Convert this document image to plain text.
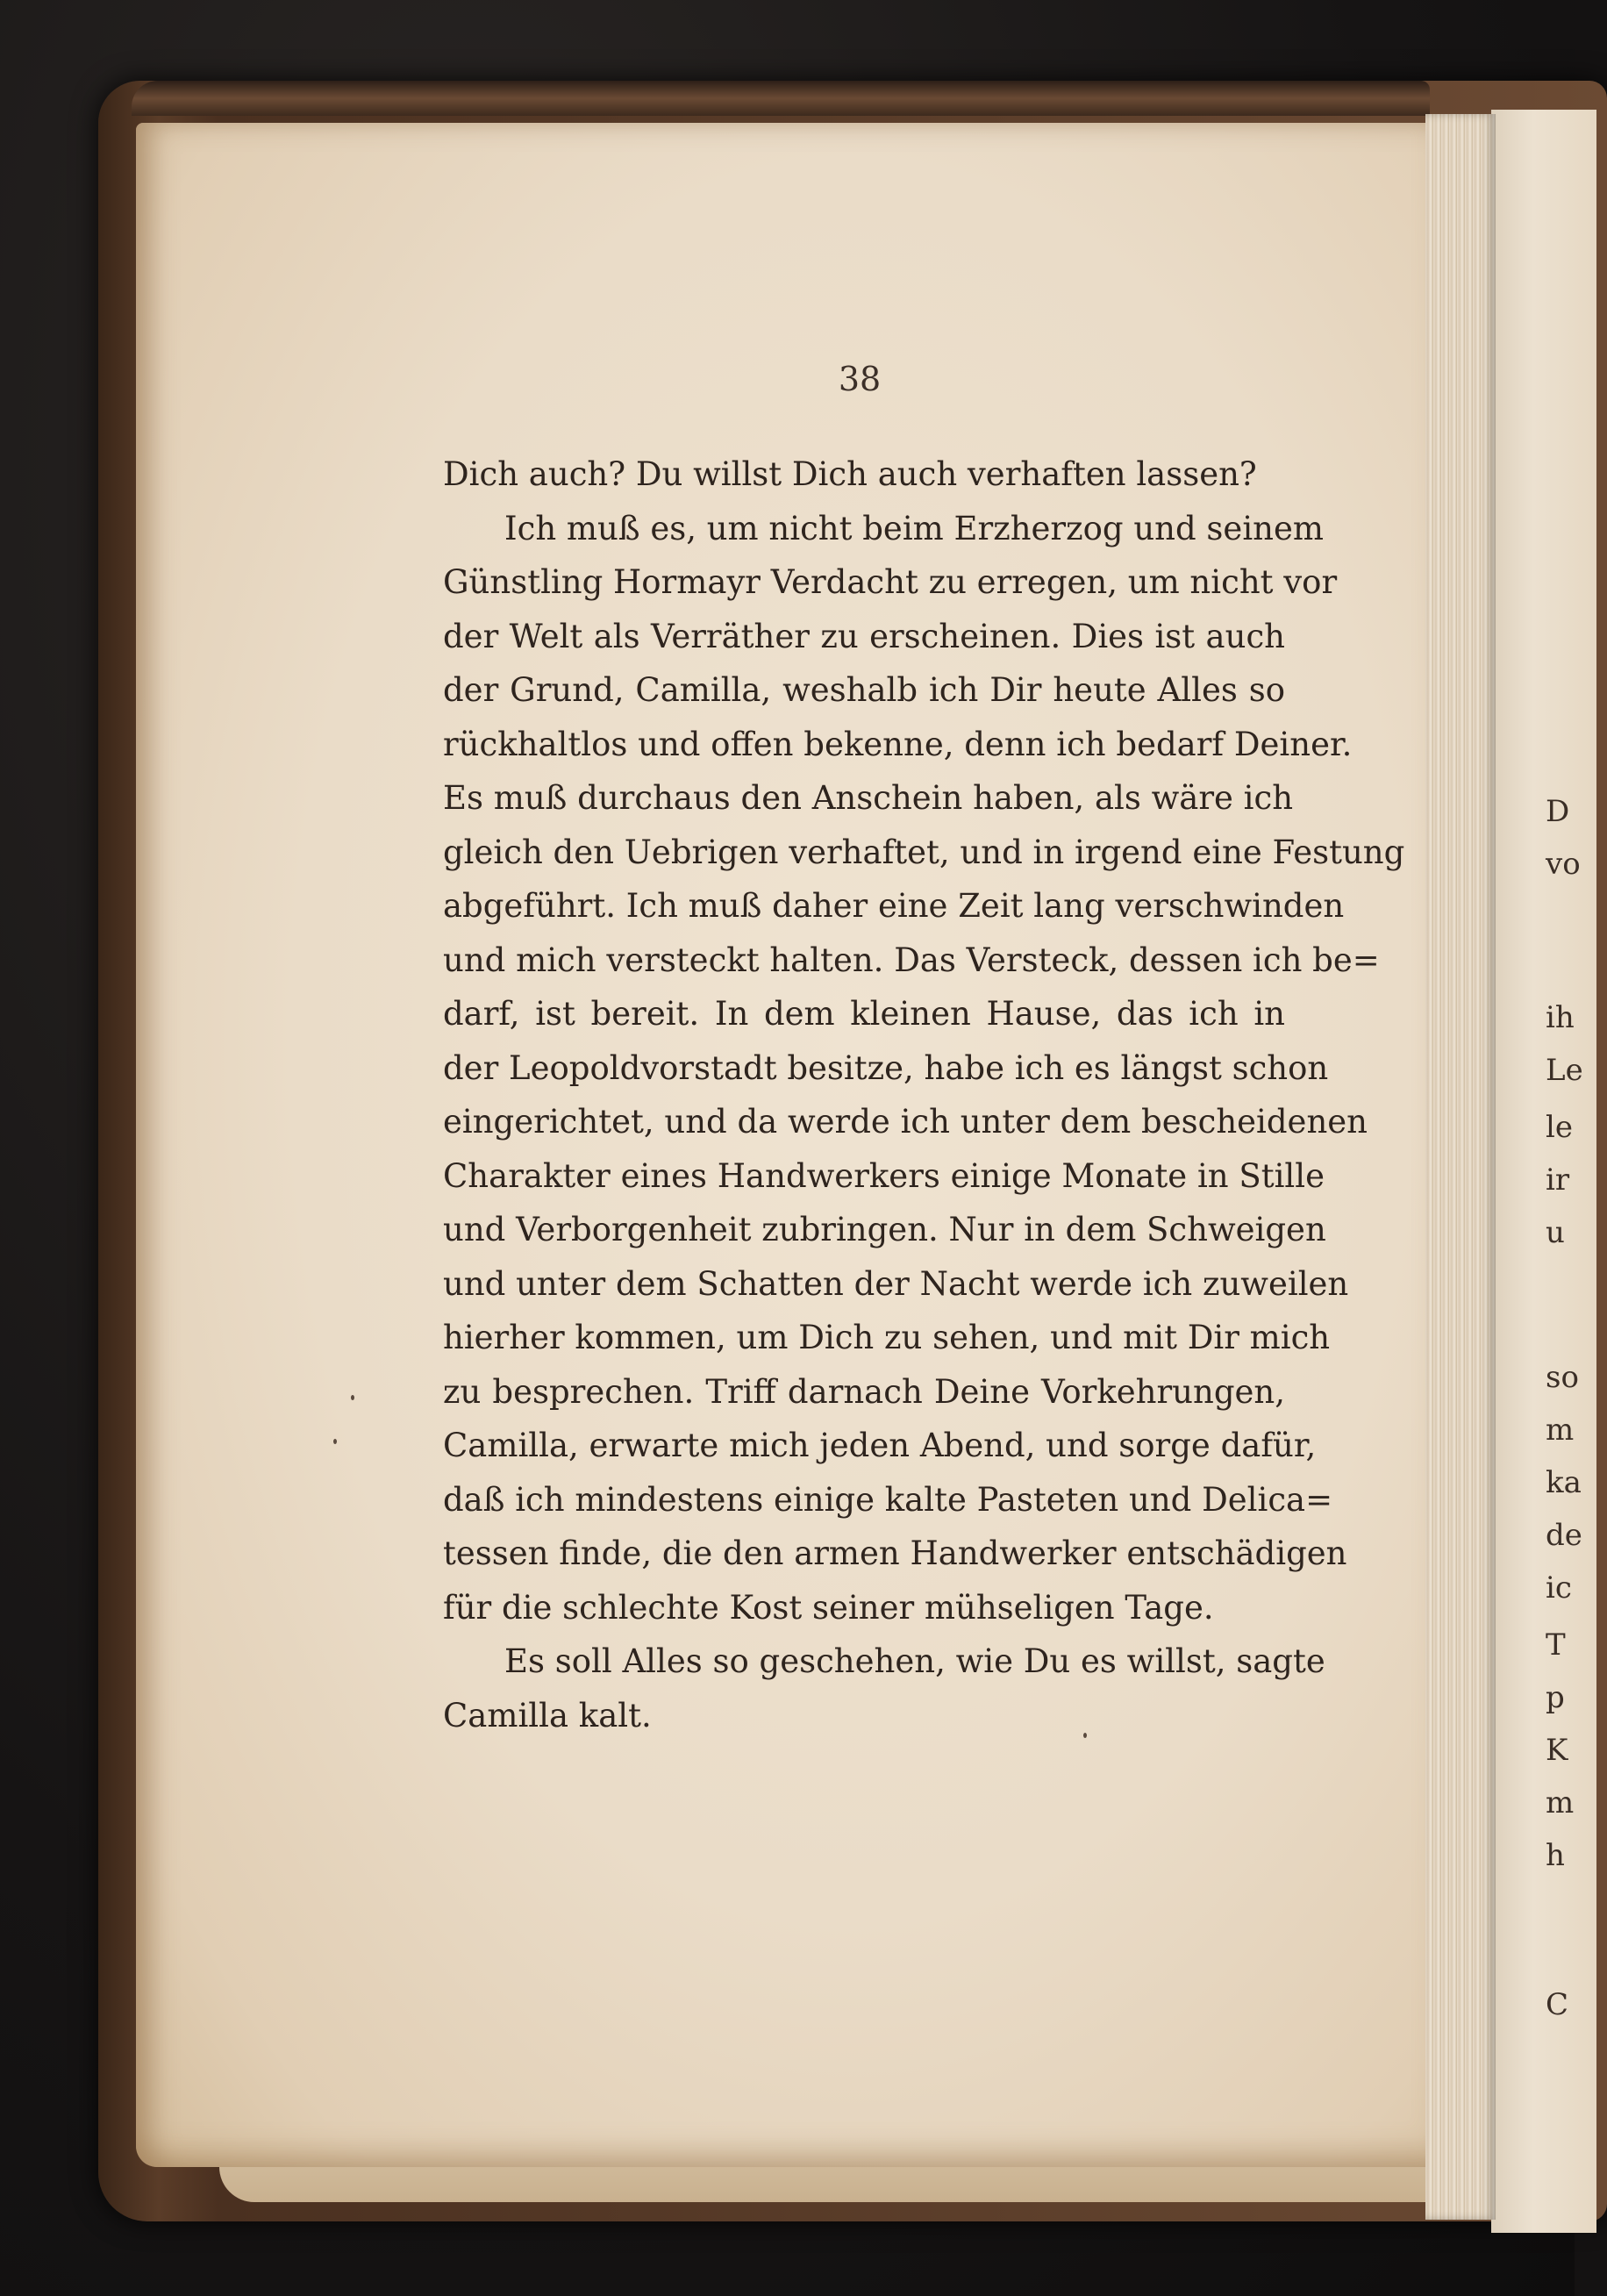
38
Dich auch? Du willst Dich auch verhaften lassen?
Ich muß es, um nicht beim Erzherzog und seinem
Günstling Hormayr Verdacht zu erregen, um nicht vor
der Welt als Verräther zu erscheinen. Dies ist auch
der Grund, Camilla, weshalb ich Dir heute Alles so
rückhaltlos und offen bekenne, denn ich bedarf Deiner.
Es muß durchaus den Anschein haben, als wäre ich
gleich den Uebrigen verhaftet, und in irgend eine Festung
abgeführt. Ich muß daher eine Zeit lang verschwinden
und mich versteckt halten. Das Versteck, dessen ich be=
darf, ist bereit. In dem kleinen Hause, das ich in
der Leopoldvorstadt besitze, habe ich es längst schon
eingerichtet, und da werde ich unter dem bescheidenen
Charakter eines Handwerkers einige Monate in Stille
und Verborgenheit zubringen. Nur in dem Schweigen
und unter dem Schatten der Nacht werde ich zuweilen
hierher kommen, um Dich zu sehen, und mit Dir mich
zu besprechen. Triff darnach Deine Vorkehrungen,
Camilla, erwarte mich jeden Abend, und sorge dafür,
daß ich mindestens einige kalte Pasteten und Delica=
tessen finde, die den armen Handwerker entschädigen
für die schlechte Kost seiner mühseligen Tage.
Es soll Alles so geschehen, wie Du es willst, sagte
Camilla kalt.
D
vo
ih
Le
le
ir
u
so
m
ka
de
ic
T
p
K
m
h
C
